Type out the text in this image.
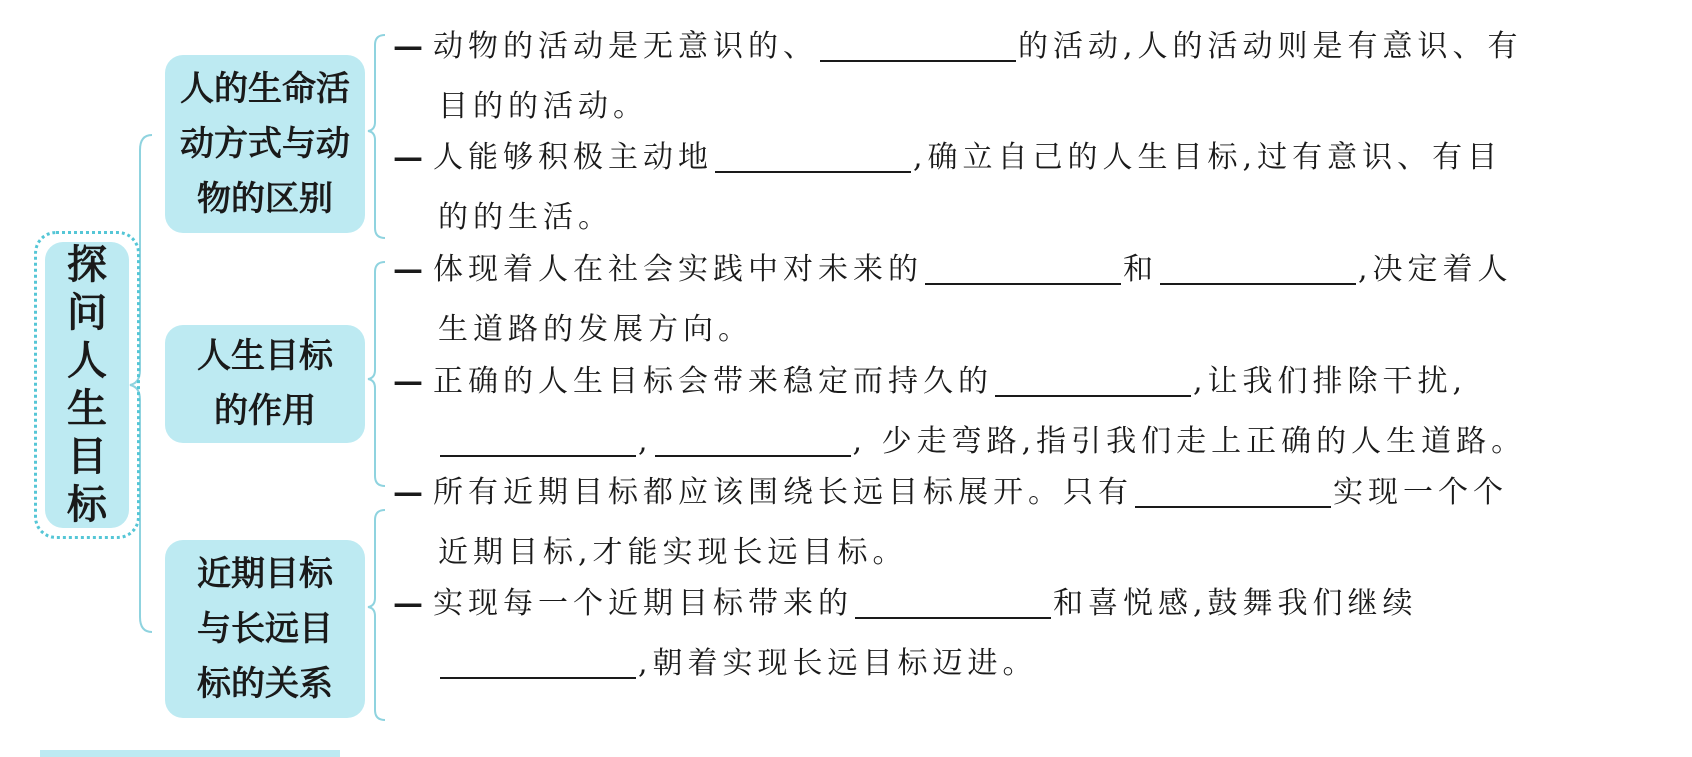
探
问
人
生
目
标
人的生命活
动方式与动
物的区别
人生目标
的作用
近期目标
与长远目
标的关系
— 动物的活动是无意识的、	的活动,人的活动则是有意识、有
目的的活动。
— 人能够积极主动地	,确立自己的人生目标,过有意识、有目
的的生活。
— 体现着人在社会实践中对未来的	和	,决定着人
生道路的发展方向。
— 正确的人生目标会带来稳定而持久的	,让我们排除干扰,
,	, 少走弯路,指引我们走上正确的人生道路。
— 所有近期目标都应该围绕长远目标展开。只有	实现一个个
近期目标,才能实现长远目标。
— 实现每一个近期目标带来的	和喜悦感,鼓舞我们继续
,朝着实现长远目标迈进。
